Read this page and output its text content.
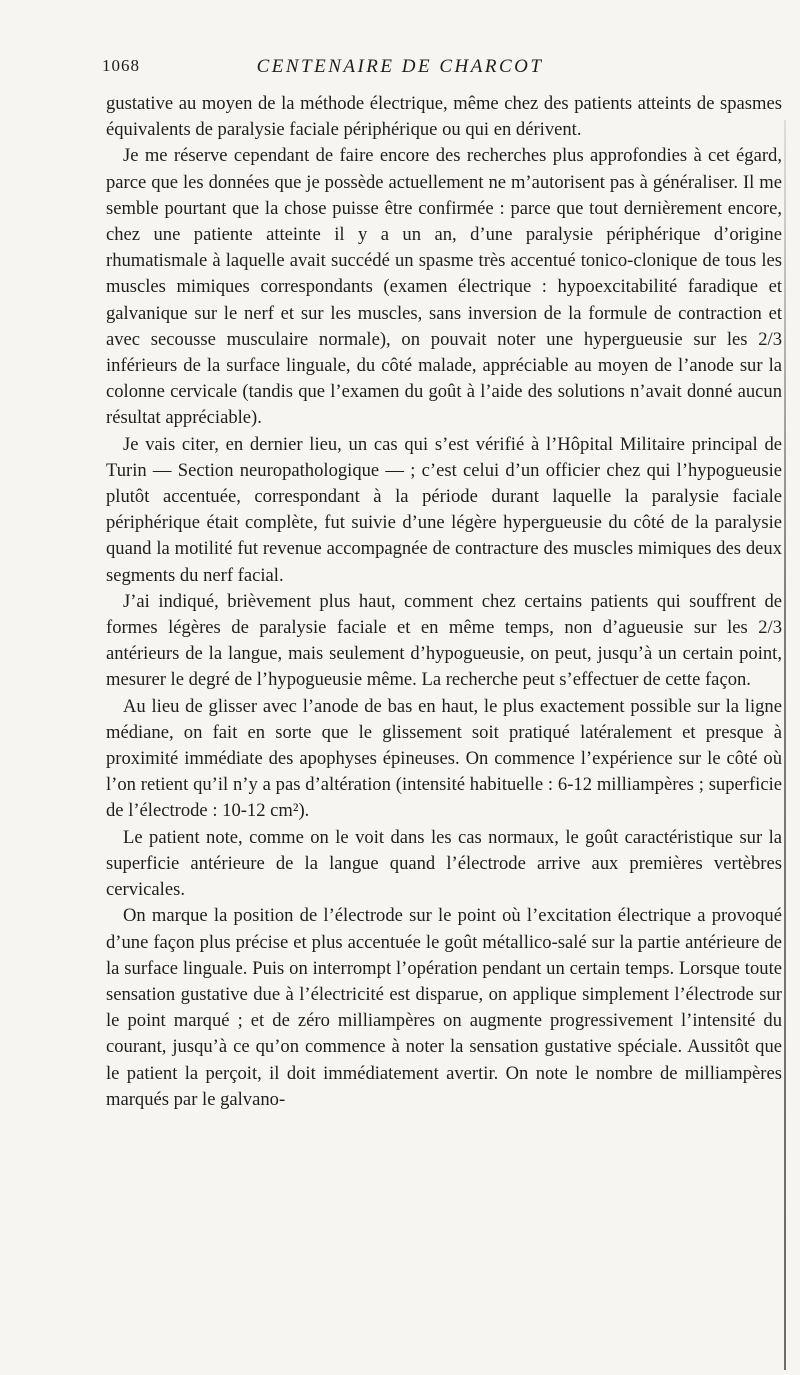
1068	CENTENAIRE DE CHARCOT

gustative au moyen de la méthode électrique, même chez des patients atteints de spasmes équivalents de paralysie faciale périphérique ou qui en dérivent.

Je me réserve cependant de faire encore des recherches plus approfondies à cet égard, parce que les données que je possède actuellement ne m’autorisent pas à généraliser. Il me semble pourtant que la chose puisse être confirmée : parce que tout dernièrement encore, chez une patiente atteinte il y a un an, d’une paralysie périphérique d’origine rhumatismale à laquelle avait succédé un spasme très accentué tonico-clonique de tous les muscles mimiques correspondants (examen électrique : hypoexcitabilité faradique et galvanique sur le nerf et sur les muscles, sans inversion de la formule de contraction et avec secousse musculaire normale), on pouvait noter une hypergueusie sur les 2/3 inférieurs de la surface linguale, du côté malade, appréciable au moyen de l’anode sur la colonne cervicale (tandis que l’examen du goût à l’aide des solutions n’avait donné aucun résultat appréciable).

Je vais citer, en dernier lieu, un cas qui s’est vérifié à l’Hôpital Militaire principal de Turin — Section neuropathologique — ; c’est celui d’un officier chez qui l’hypogueusie plutôt accentuée, correspondant à la période durant laquelle la paralysie faciale périphérique était complète, fut suivie d’une légère hypergueusie du côté de la paralysie quand la motilité fut revenue accompagnée de contracture des muscles mimiques des deux segments du nerf facial.

J’ai indiqué, brièvement plus haut, comment chez certains patients qui souffrent de formes légères de paralysie faciale et en même temps, non d’agueusie sur les 2/3 antérieurs de la langue, mais seulement d’hypogueusie, on peut, jusqu’à un certain point, mesurer le degré de l’hypogueusie même. La recherche peut s’effectuer de cette façon.

Au lieu de glisser avec l’anode de bas en haut, le plus exactement possible sur la ligne médiane, on fait en sorte que le glissement soit pratiqué latéralement et presque à proximité immédiate des apophyses épineuses. On commence l’expérience sur le côté où l’on retient qu’il n’y a pas d’altération (intensité habituelle : 6-12 milliampères ; superficie de l’électrode : 10-12 cm²).

Le patient note, comme on le voit dans les cas normaux, le goût caractéristique sur la superficie antérieure de la langue quand l’électrode arrive aux premières vertèbres cervicales.

On marque la position de l’électrode sur le point où l’excitation électrique a provoqué d’une façon plus précise et plus accentuée le goût métallico-salé sur la partie antérieure de la surface linguale. Puis on interrompt l’opération pendant un certain temps. Lorsque toute sensation gustative due à l’électricité est disparue, on applique simplement l’électrode sur le point marqué ; et de zéro milliampères on augmente progressivement l’intensité du courant, jusqu’à ce qu’on commence à noter la sensation gustative spéciale. Aussitôt que le patient la perçoit, il doit immédiatement avertir. On note le nombre de milliampères marqués par le galvano-
